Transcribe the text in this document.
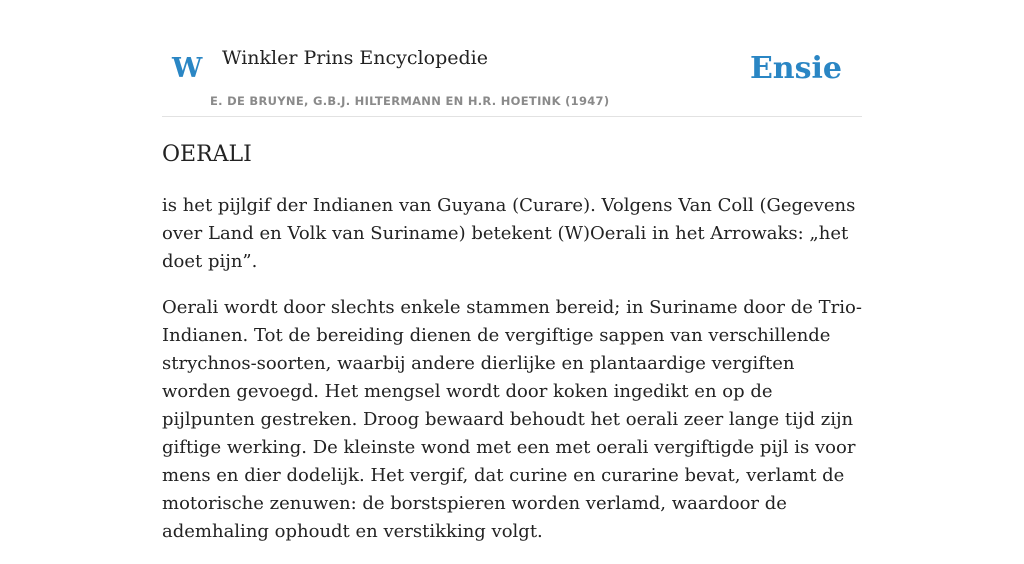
W Winkler Prins Encyclopedie
E. DE BRUYNE, G.B.J. HILTERMANN EN H.R. HOETINK (1947)
Ensie
OERALI

is het pijlgif der Indianen van Guyana (Curare). Volgens Van Coll (Gegevens over Land en Volk van Suriname) betekent (W)Oerali in het Arrowaks: „het doet pijn”.

Oerali wordt door slechts enkele stammen bereid; in Suriname door de Trio-Indianen. Tot de bereiding dienen de vergiftige sappen van verschillende strychnos-soorten, waarbij andere dierlijke en plantaardige vergiften worden gevoegd. Het mengsel wordt door koken ingedikt en op de pijlpunten gestreken. Droog bewaard behoudt het oerali zeer lange tijd zijn giftige werking. De kleinste wond met een met oerali vergiftigde pijl is voor mens en dier dodelijk. Het vergif, dat curine en curarine bevat, verlamt de motorische zenuwen: de borstspieren worden verlamd, waardoor de ademhaling ophoudt en verstikking volgt.
